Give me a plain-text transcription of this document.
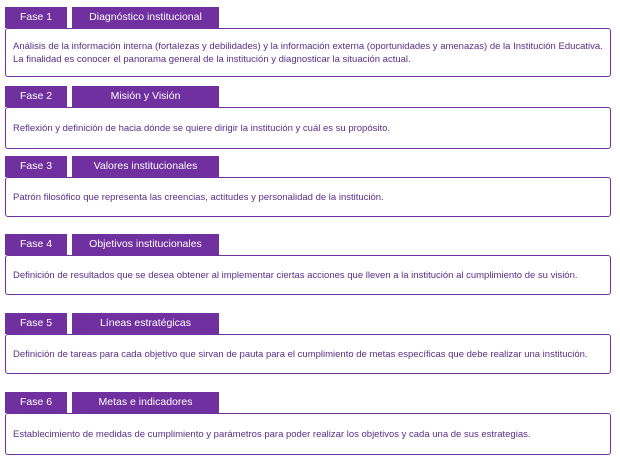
Fase 1	Diagnóstico institucional
Análisis de la información interna (fortalezas y debilidades) y la información externa (oportunidades y amenazas) de la Institución Educativa. La finalidad es conocer el panorama general de la institución y diagnosticar la situación actual.
Fase 2	Misión y Visión
Reflexión y definición de hacia dónde se quiere dirigir la institución y cuál es su propósito.
Fase 3	Valores institucionales
Patrón filosófico que representa las creencias, actitudes y personalidad de la institución.
Fase 4	Objetivos institucionales
Definición de resultados que se desea obtener al implementar ciertas acciones que lleven a la institución al cumplimiento de su visión.
Fase 5	Líneas estratégicas
Definición de tareas para cada objetivo que sirvan de pauta para el cumplimiento de metas específicas que debe realizar una institución.
Fase 6	Metas e indicadores
Establecimiento de medidas de cumplimiento y parámetros para poder realizar los objetivos y cada una de sus estrategias.
